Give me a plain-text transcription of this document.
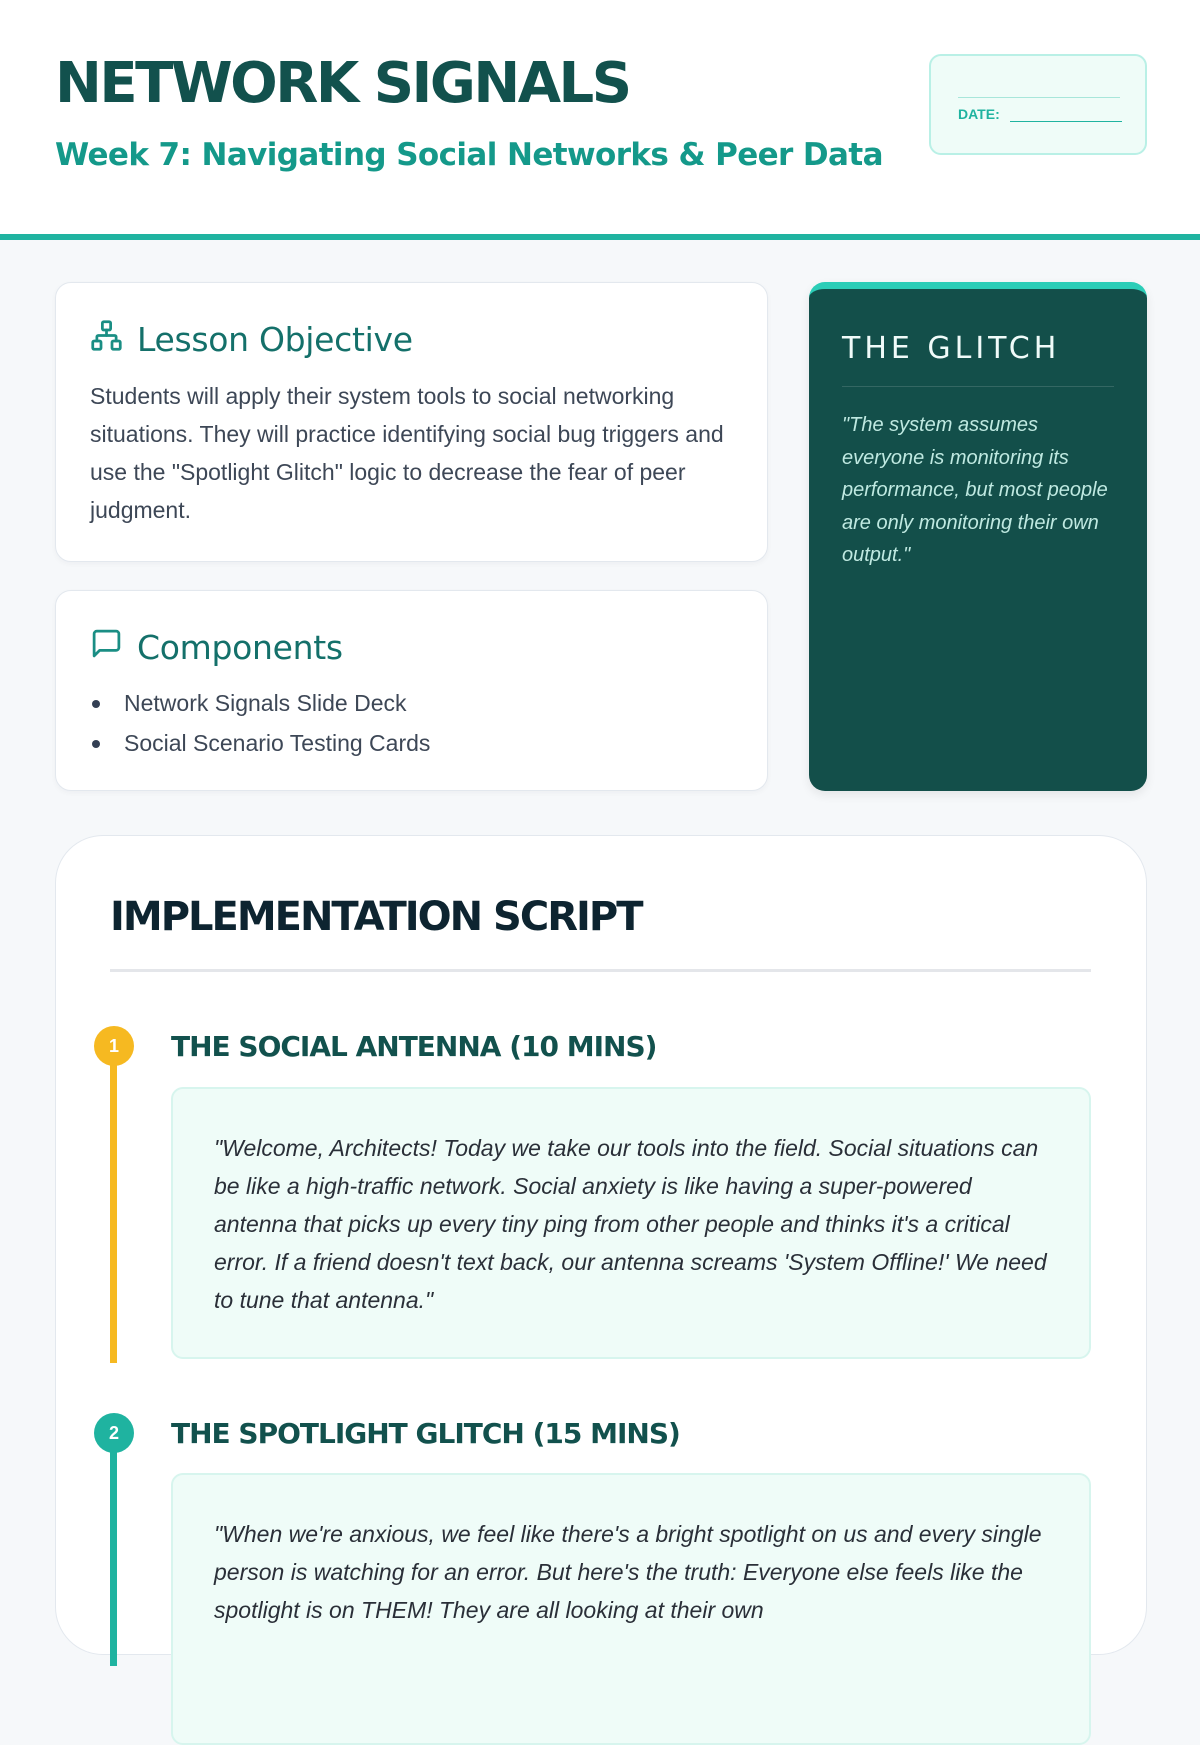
NETWORK SIGNALS
Week 7: Navigating Social Networks & Peer Data
DATE:
Lesson Objective

Students will apply their system tools to social networking situations. They will practice identifying social bug triggers and use the "Spotlight Glitch" logic to decrease the fear of peer judgment.

Components
Network Signals Slide Deck
Social Scenario Testing Cards
THE GLITCH

"The system assumes everyone is monitoring its performance, but most people are only monitoring their own output."

IMPLEMENTATION SCRIPT
1	THE SOCIAL ANTENNA (10 MINS)

"Welcome, Architects! Today we take our tools into the field. Social situations can be like a high-traffic network. Social anxiety is like having a super-powered antenna that picks up every tiny ping from other people and thinks it's a critical error. If a friend doesn't text back, our antenna screams 'System Offline!' We need to tune that antenna."

2	THE SPOTLIGHT GLITCH (15 MINS)

"When we're anxious, we feel like there's a bright spotlight on us and every single person is watching for an error. But here's the truth: Everyone else feels like the spotlight is on THEM! They are all looking at their own
